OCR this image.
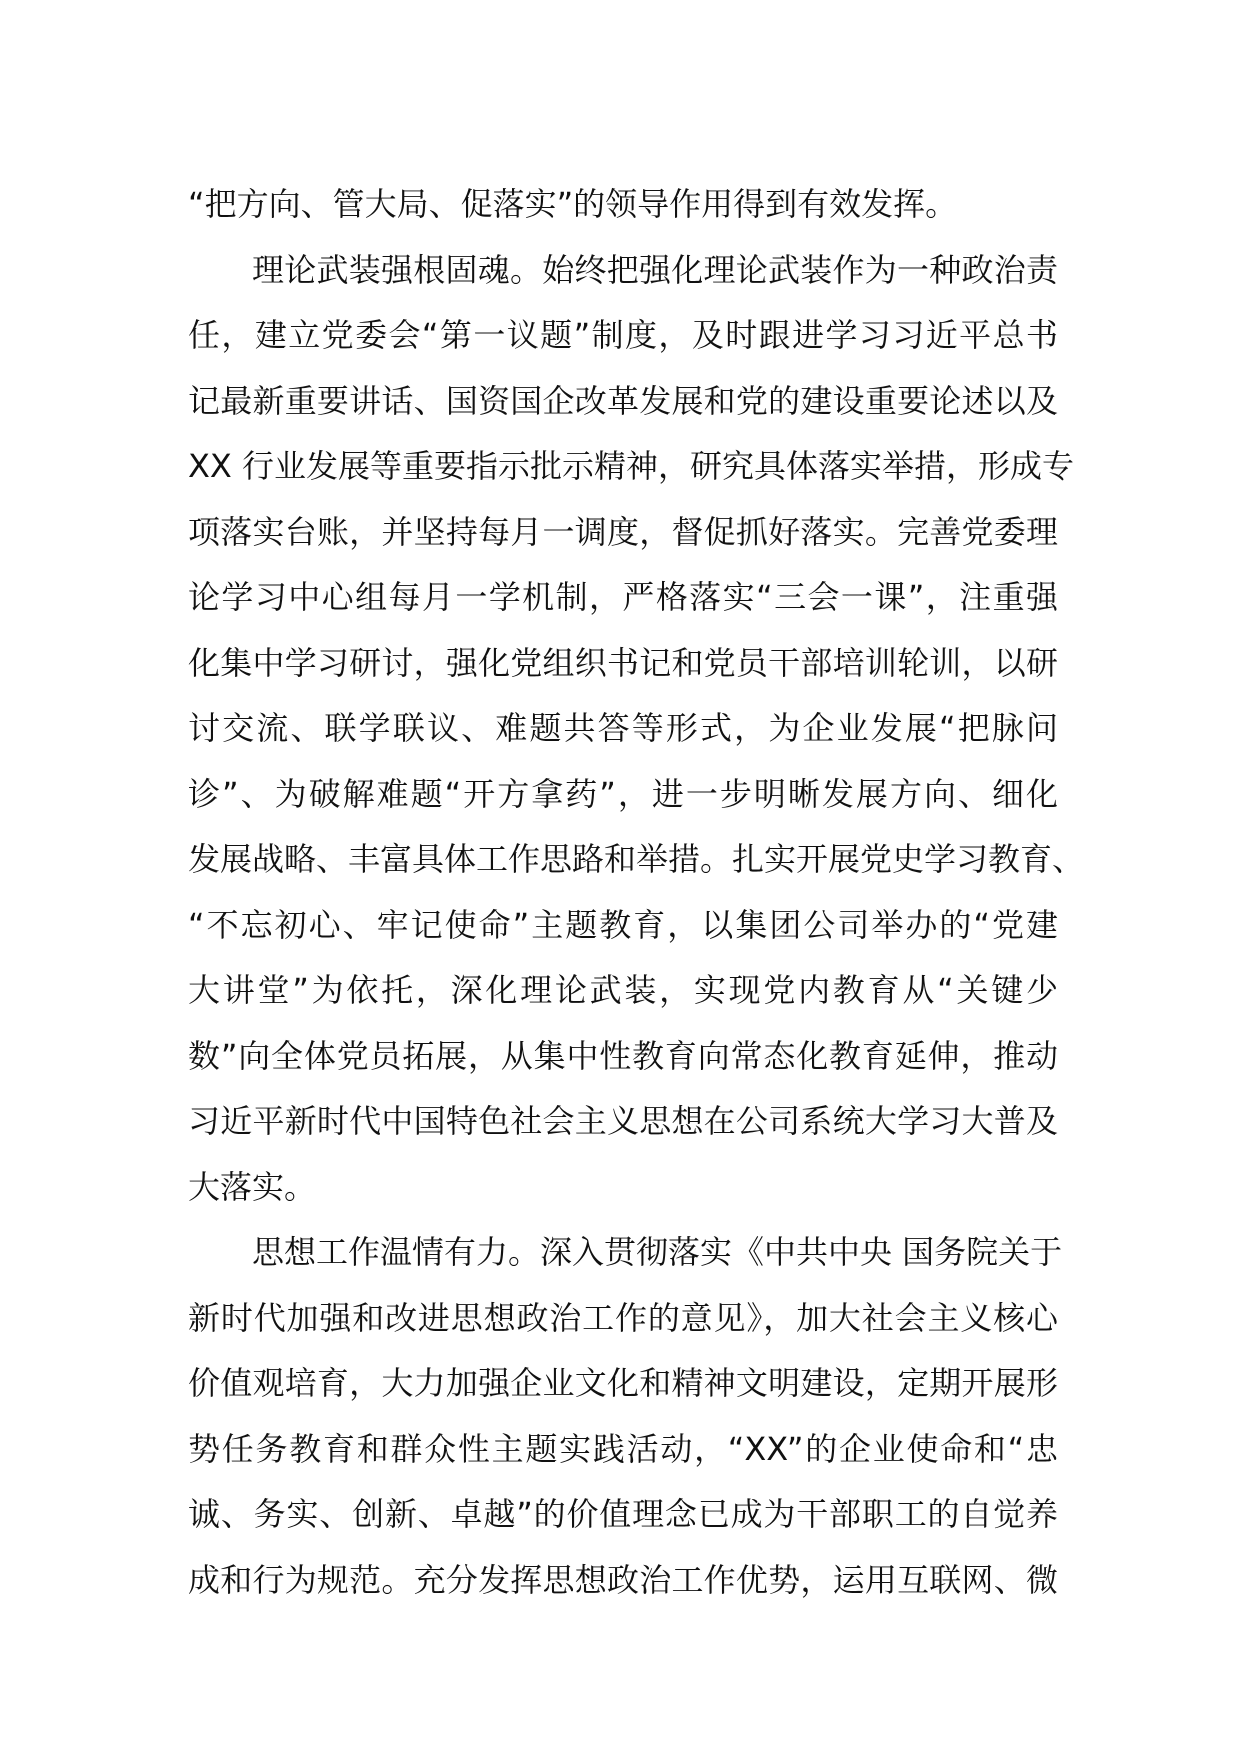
“把方向、管大局、促落实”的领导作用得到有效发挥。
理论武装强根固魂。始终把强化理论武装作为一种政治责
任，建立党委会“第一议题”制度，及时跟进学习习近平总书
记最新重要讲话、国资国企改革发展和党的建设重要论述以及
XX 行业发展等重要指示批示精神，研究具体落实举措，形成专
项落实台账，并坚持每月一调度，督促抓好落实。完善党委理
论学习中心组每月一学机制，严格落实“三会一课”，注重强
化集中学习研讨，强化党组织书记和党员干部培训轮训，以研
讨交流、联学联议、难题共答等形式，为企业发展“把脉问
诊”、为破解难题“开方拿药”，进一步明晰发展方向、细化
发展战略、丰富具体工作思路和举措。扎实开展党史学习教育、
“不忘初心、牢记使命”主题教育，以集团公司举办的“党建
大讲堂”为依托，深化理论武装，实现党内教育从“关键少
数”向全体党员拓展，从集中性教育向常态化教育延伸，推动
习近平新时代中国特色社会主义思想在公司系统大学习大普及
大落实。
思想工作温情有力。深入贯彻落实《中共中央 国务院关于
新时代加强和改进思想政治工作的意见》，加大社会主义核心
价值观培育，大力加强企业文化和精神文明建设，定期开展形
势任务教育和群众性主题实践活动，“XX”的企业使命和“忠
诚、务实、创新、卓越”的价值理念已成为干部职工的自觉养
成和行为规范。充分发挥思想政治工作优势，运用互联网、微
